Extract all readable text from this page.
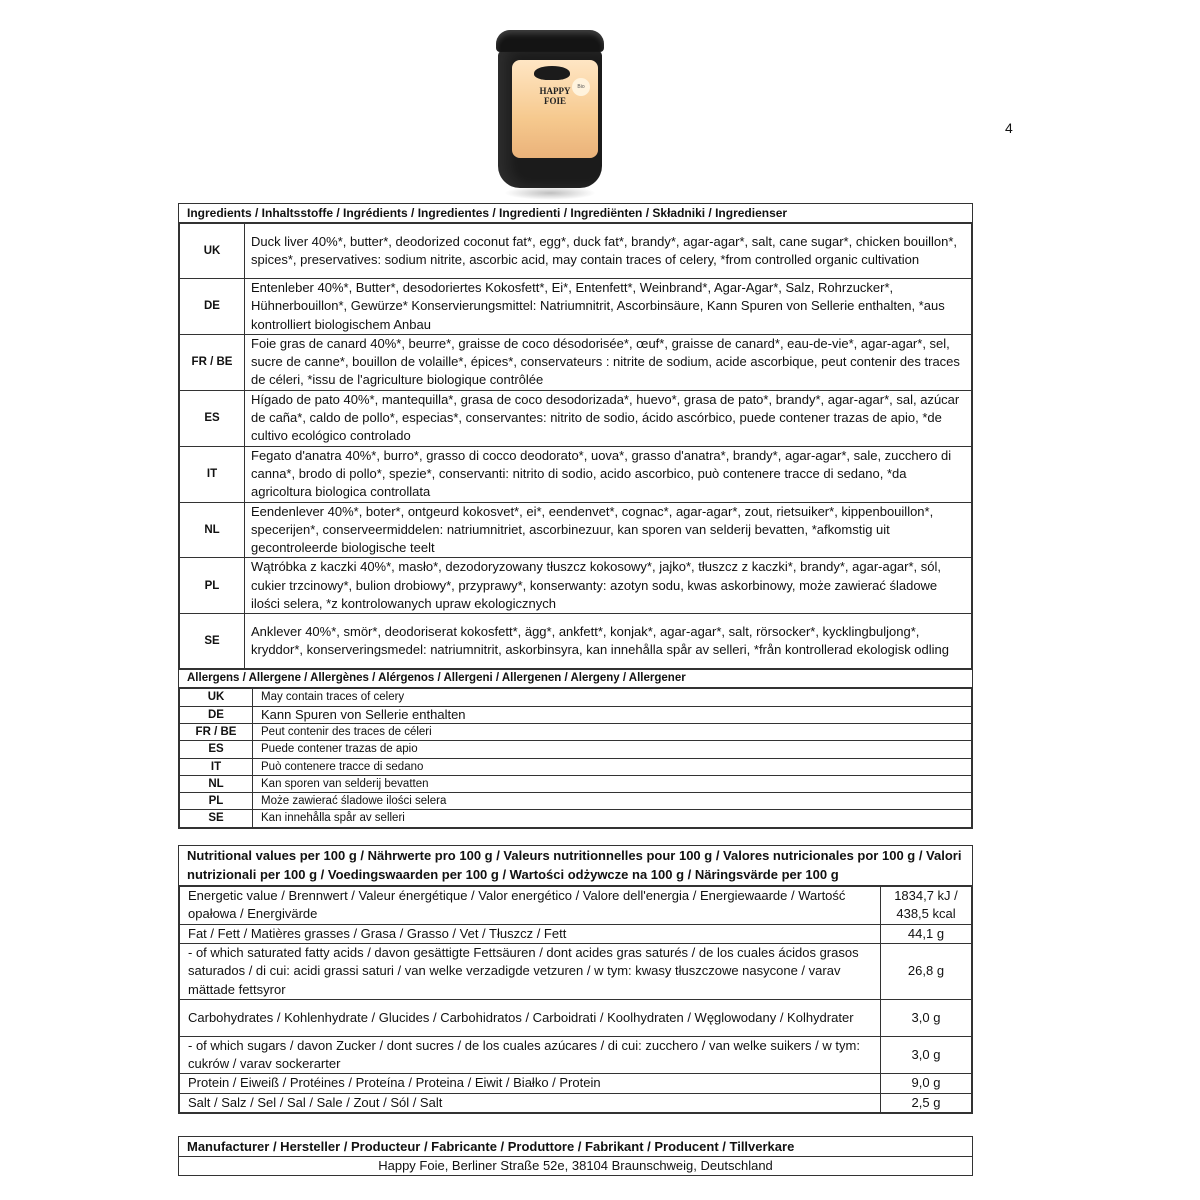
4
Bio
HAPPY
FOIE
Ingredients / Inhaltsstoffe / Ingrédients / Ingredientes / Ingredienti / Ingrediënten / Składniki / Ingredienser
UK	Duck liver 40%*, butter*, deodorized coconut fat*, egg*, duck fat*, brandy*, agar-agar*, salt, cane sugar*, chicken bouillon*, spices*, preservatives: sodium nitrite, ascorbic acid, may contain traces of celery, *from controlled organic cultivation
DE	Entenleber 40%*, Butter*, desodoriertes Kokosfett*, Ei*, Entenfett*, Weinbrand*, Agar-Agar*, Salz, Rohrzucker*, Hühnerbouillon*, Gewürze* Konservierungsmittel: Natriumnitrit, Ascorbinsäure, Kann Spuren von Sellerie enthalten, *aus kontrolliert biologischem Anbau
FR / BE	Foie gras de canard 40%*, beurre*, graisse de coco désodorisée*, œuf*, graisse de canard*, eau-de-vie*, agar-agar*, sel, sucre de canne*, bouillon de volaille*, épices*, conservateurs : nitrite de sodium, acide ascorbique, peut contenir des traces de céleri, *issu de l'agriculture biologique contrôlée
ES	Hígado de pato 40%*, mantequilla*, grasa de coco desodorizada*, huevo*, grasa de pato*, brandy*, agar-agar*, sal, azúcar de caña*, caldo de pollo*, especias*, conservantes: nitrito de sodio, ácido ascórbico, puede contener trazas de apio, *de cultivo ecológico controlado
IT	Fegato d'anatra 40%*, burro*, grasso di cocco deodorato*, uova*, grasso d'anatra*, brandy*, agar-agar*, sale, zucchero di canna*, brodo di pollo*, spezie*, conservanti: nitrito di sodio, acido ascorbico, può contenere tracce di sedano, *da agricoltura biologica controllata
NL	Eendenlever 40%*, boter*, ontgeurd kokosvet*, ei*, eendenvet*, cognac*, agar-agar*, zout, rietsuiker*, kippenbouillon*, specerijen*, conserveermiddelen: natriumnitriet, ascorbinezuur, kan sporen van selderij bevatten, *afkomstig uit gecontroleerde biologische teelt
PL	Wątróbka z kaczki 40%*, masło*, dezodoryzowany tłuszcz kokosowy*, jajko*, tłuszcz z kaczki*, brandy*, agar-agar*, sól, cukier trzcinowy*, bulion drobiowy*, przyprawy*, konserwanty: azotyn sodu, kwas askorbinowy, może zawierać śladowe ilości selera, *z kontrolowanych upraw ekologicznych
SE	Anklever 40%*, smör*, deodoriserat kokosfett*, ägg*, ankfett*, konjak*, agar-agar*, salt, rörsocker*, kycklingbuljong*, kryddor*, konserveringsmedel: natriumnitrit, askorbinsyra, kan innehålla spår av selleri, *från kontrollerad ekologisk odling
Allergens / Allergene / Allergènes / Alérgenos / Allergeni / Allergenen / Alergeny / Allergener
UK	May contain traces of celery
DE	Kann Spuren von Sellerie enthalten
FR / BE	Peut contenir des traces de céleri
ES	Puede contener trazas de apio
IT	Può contenere tracce di sedano
NL	Kan sporen van selderij bevatten
PL	Może zawierać śladowe ilości selera
SE	Kan innehålla spår av selleri
Nutritional values per 100 g / Nährwerte pro 100 g / Valeurs nutritionnelles pour 100 g / Valores nutricionales por 100 g / Valori nutrizionali per 100 g / Voedingswaarden per 100 g / Wartości odżywcze na 100 g / Näringsvärde per 100 g
Energetic value / Brennwert / Valeur énergétique / Valor energético / Valore dell'energia / Energiewaarde / Wartość opałowa / Energivärde	1834,7 kJ / 438,5 kcal
Fat / Fett / Matières grasses / Grasa / Grasso / Vet / Tłuszcz / Fett	44,1 g
- of which saturated fatty acids / davon gesättigte Fettsäuren / dont acides gras saturés / de los cuales ácidos grasos saturados / di cui: acidi grassi saturi / van welke verzadigde vetzuren / w tym: kwasy tłuszczowe nasycone / varav mättade fettsyror	26,8 g
Carbohydrates / Kohlenhydrate / Glucides / Carbohidratos / Carboidrati / Koolhydraten / Węglowodany / Kolhydrater	3,0 g
- of which sugars / davon Zucker / dont sucres / de los cuales azúcares / di cui: zucchero / van welke suikers / w tym: cukrów / varav sockerarter	3,0 g
Protein / Eiweiß / Protéines / Proteína / Proteina / Eiwit / Białko / Protein	9,0 g
Salt / Salz / Sel / Sal / Sale / Zout / Sól / Salt	2,5 g
Manufacturer / Hersteller / Producteur / Fabricante / Produttore / Fabrikant / Producent / Tillverkare
Happy Foie, Berliner Straße 52e, 38104 Braunschweig, Deutschland
